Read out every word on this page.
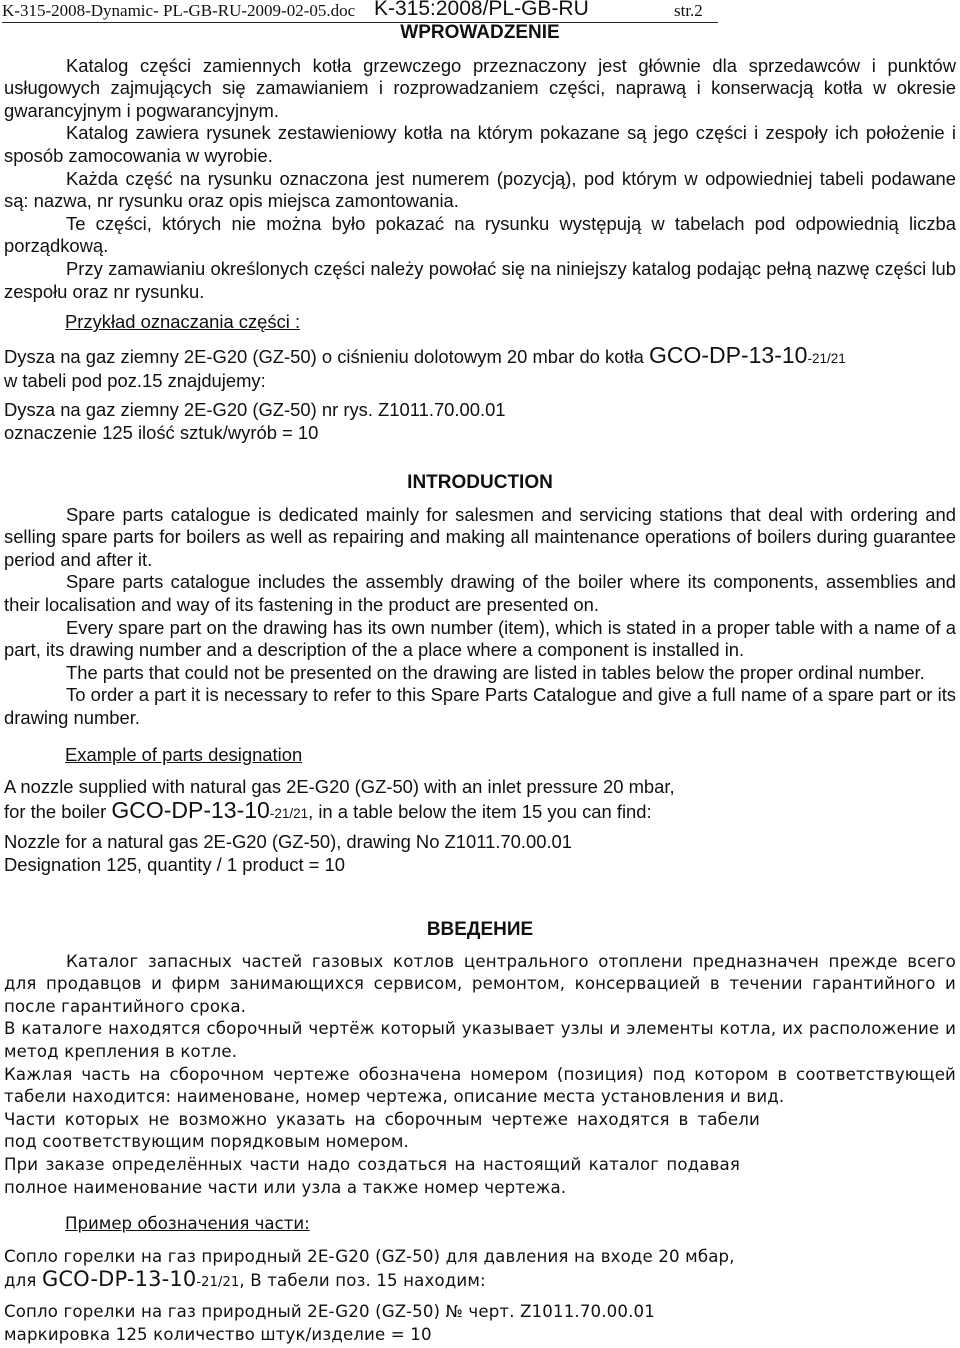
K-315-2008-Dynamic- PL-GB-RU-2009-02-05.doc K-315:2008/PL-GB-RU	str.2

WPROWADZENIE

Katalog części zamiennych kotła grzewczego przeznaczony jest głównie dla sprzedawców i punktów usługowych zajmujących się zamawianiem i rozprowadzaniem części, naprawą i konserwacją kotła w okresie gwarancyjnym i pogwarancyjnym.

Katalog zawiera rysunek zestawieniowy kotła na którym pokazane są jego części i zespoły ich położenie i sposób zamocowania w wyrobie.

Każda część na rysunku oznaczona jest numerem (pozycją), pod którym w odpowiedniej tabeli podawane są: nazwa, nr rysunku oraz opis miejsca zamontowania.

Te części, których nie można było pokazać na rysunku występują w tabelach pod odpowiednią liczba porządkową.

Przy zamawianiu określonych części należy powołać się na niniejszy katalog podając pełną nazwę części lub zespołu oraz nr rysunku.

Przykład oznaczania części :

Dysza na gaz ziemny 2E-G20 (GZ-50) o ciśnieniu dolotowym 20 mbar do kotła GCO-DP-13-10-21/21

w tabeli pod poz.15 znajdujemy:

Dysza na gaz ziemny 2E-G20 (GZ-50) nr rys. Z1011.70.00.01

oznaczenie 125 ilość sztuk/wyrób = 10

INTRODUCTION

Spare parts catalogue is dedicated mainly for salesmen and servicing stations that deal with ordering and selling spare parts for boilers as well as repairing and making all maintenance operations of boilers during guarantee period and after it.

Spare parts catalogue includes the assembly drawing of the boiler where its components, assemblies and their localisation and way of its fastening in the product are presented on.

Every spare part on the drawing has its own number (item), which is stated in a proper table with a name of a part, its drawing number and a description of the a place where a component is installed in.

The parts that could not be presented on the drawing are listed in tables below the proper ordinal number.

To order a part it is necessary to refer to this Spare Parts Catalogue and give a full name of a spare part or its drawing number.

Example of parts designation

A nozzle supplied with natural gas 2E-G20 (GZ-50) with an inlet pressure 20 mbar,

for the boiler GCO-DP-13-10-21/21, in a table below the item 15 you can find:

Nozzle for a natural gas 2E-G20 (GZ-50), drawing No Z1011.70.00.01

Designation 125, quantity / 1 product = 10

ВВЕДЕНИЕ

Каталог запасных частей газовых котлов центрального отоплени предназначен прежде всего для продавцов и фирм занимающихся сервисом, ремонтом, консервацией в течении гарантийного и после гарантийного срока.

В каталоге находятся сборочный чертёж который указывает узлы и элементы котла, их расположение и метод крепления в котле.

Кажлая часть на сборочном чертеже обозначена номером (позиция) под котором в соответствующей табели находится: наименоване, номер чертежа, описание места установления и вид.

Части которых не возможно указать на сборочным чертеже находятся в табели под соответствующим порядковым номером.

При заказе определённых части надо создаться на настоящий каталог подавая полное наименование части или узла а также номер чертежа.

Пример обозначения части:

Сопло горелки на газ природный 2E-G20 (GZ-50) для давления на входе 20 мбар,

для GCO-DP-13-10-21/21, В табели поз. 15 находим:

Сопло горелки на газ природный 2E-G20 (GZ-50) № черт. Z1011.70.00.01

маркировка 125 количество штук/изделие = 10
